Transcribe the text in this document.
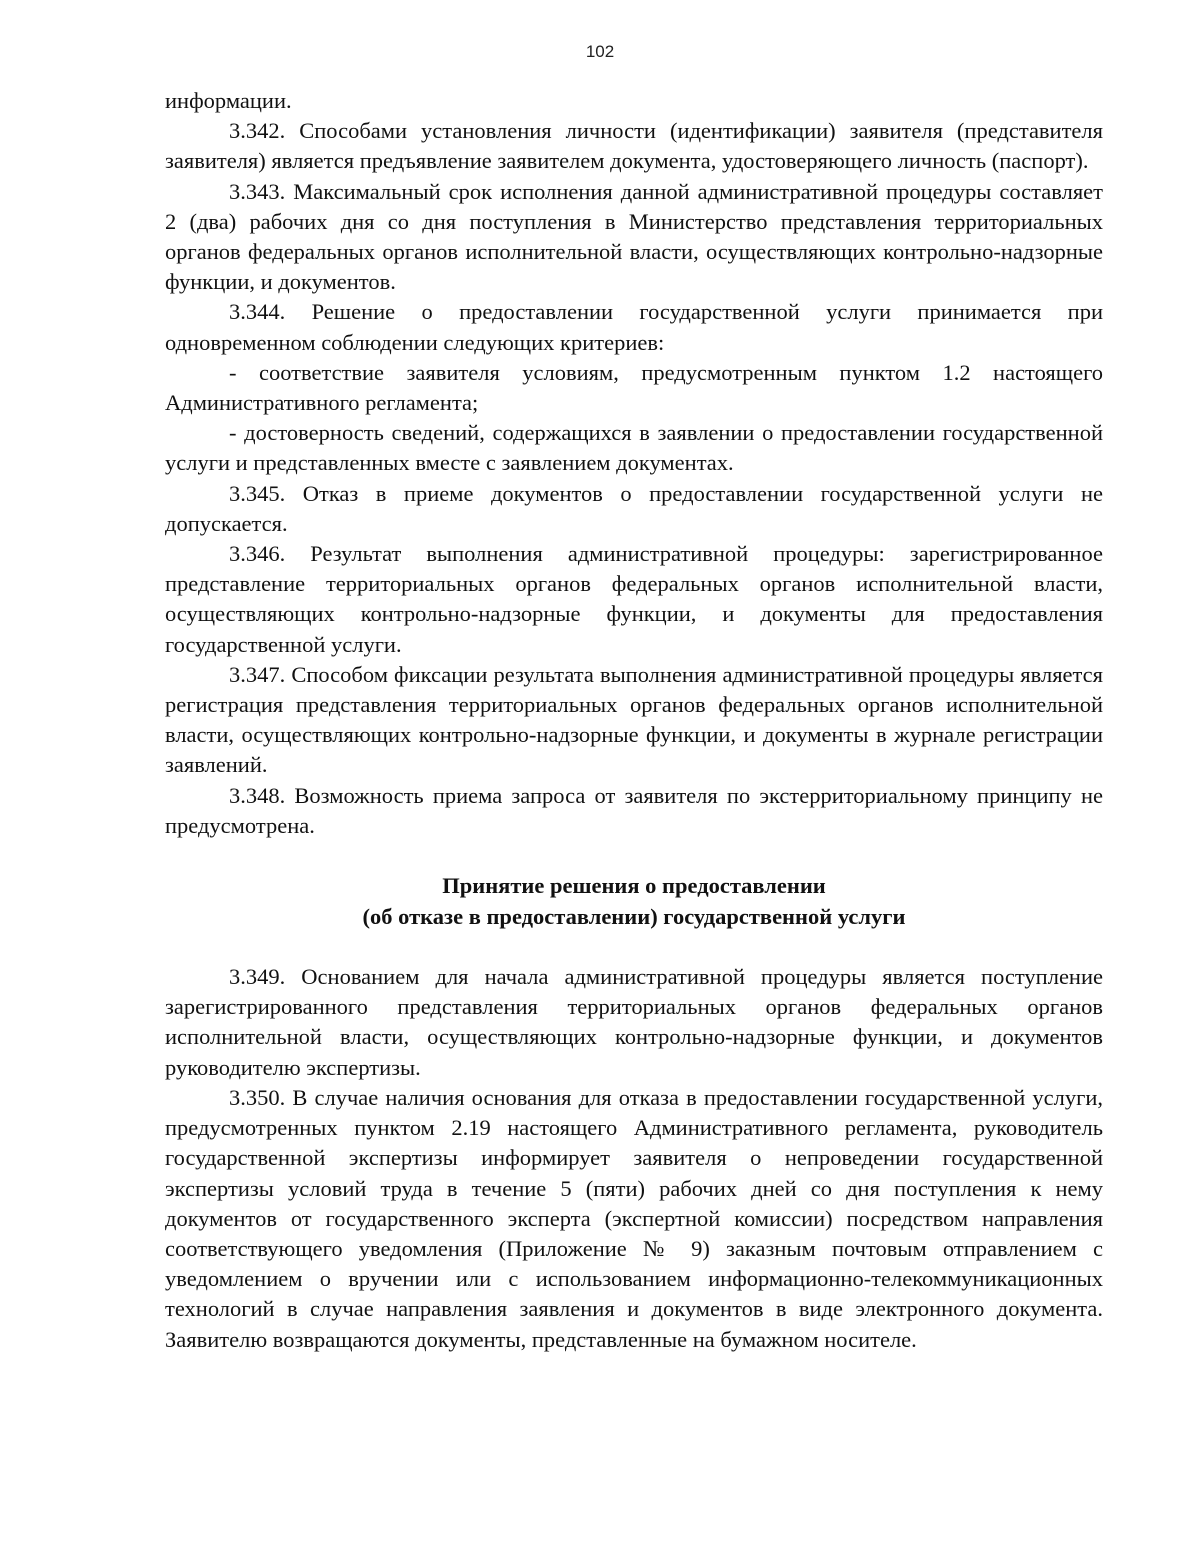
102

информации.

3.342. Способами установления личности (идентификации) заявителя (представителя заявителя) является предъявление заявителем документа, удостоверяющего личность (паспорт).

3.343. Максимальный срок исполнения данной административной процедуры составляет 2 (два) рабочих дня со дня поступления в Министерство представления территориальных органов федеральных органов исполнительной власти, осуществляющих контрольно-надзорные функции, и документов.

3.344. Решение о предоставлении государственной услуги принимается при одновременном соблюдении следующих критериев:

- соответствие заявителя условиям, предусмотренным пунктом 1.2 настоящего Административного регламента;

- достоверность сведений, содержащихся в заявлении о предоставлении государственной услуги и представленных вместе с заявлением документах.

3.345. Отказ в приеме документов о предоставлении государственной услуги не допускается.

3.346. Результат выполнения административной процедуры: зарегистрированное представление территориальных органов федеральных органов исполнительной власти, осуществляющих контрольно-надзорные функции, и документы для предоставления государственной услуги.

3.347. Способом фиксации результата выполнения административной процедуры является регистрация представления территориальных органов федеральных органов исполнительной власти, осуществляющих контрольно-надзорные функции, и документы в журнале регистрации заявлений.

3.348. Возможность приема запроса от заявителя по экстерриториальному принципу не предусмотрена.

Принятие решения о предоставлении
(об отказе в предоставлении) государственной услуги

3.349. Основанием для начала административной процедуры является поступление зарегистрированного представления территориальных органов федеральных органов исполнительной власти, осуществляющих контрольно-надзорные функции, и документов руководителю экспертизы.

3.350. В случае наличия основания для отказа в предоставлении государственной услуги, предусмотренных пунктом 2.19 настоящего Административного регламента, руководитель государственной экспертизы информирует заявителя о непроведении государственной экспертизы условий труда в течение 5 (пяти) рабочих дней со дня поступления к нему документов от государственного эксперта (экспертной комиссии) посредством направления соответствующего уведомления (Приложение № 9) заказным почтовым отправлением с уведомлением о вручении или с использованием информационно-телекоммуникационных технологий в случае направления заявления и документов в виде электронного документа. Заявителю возвращаются документы, представленные на бумажном носителе.
